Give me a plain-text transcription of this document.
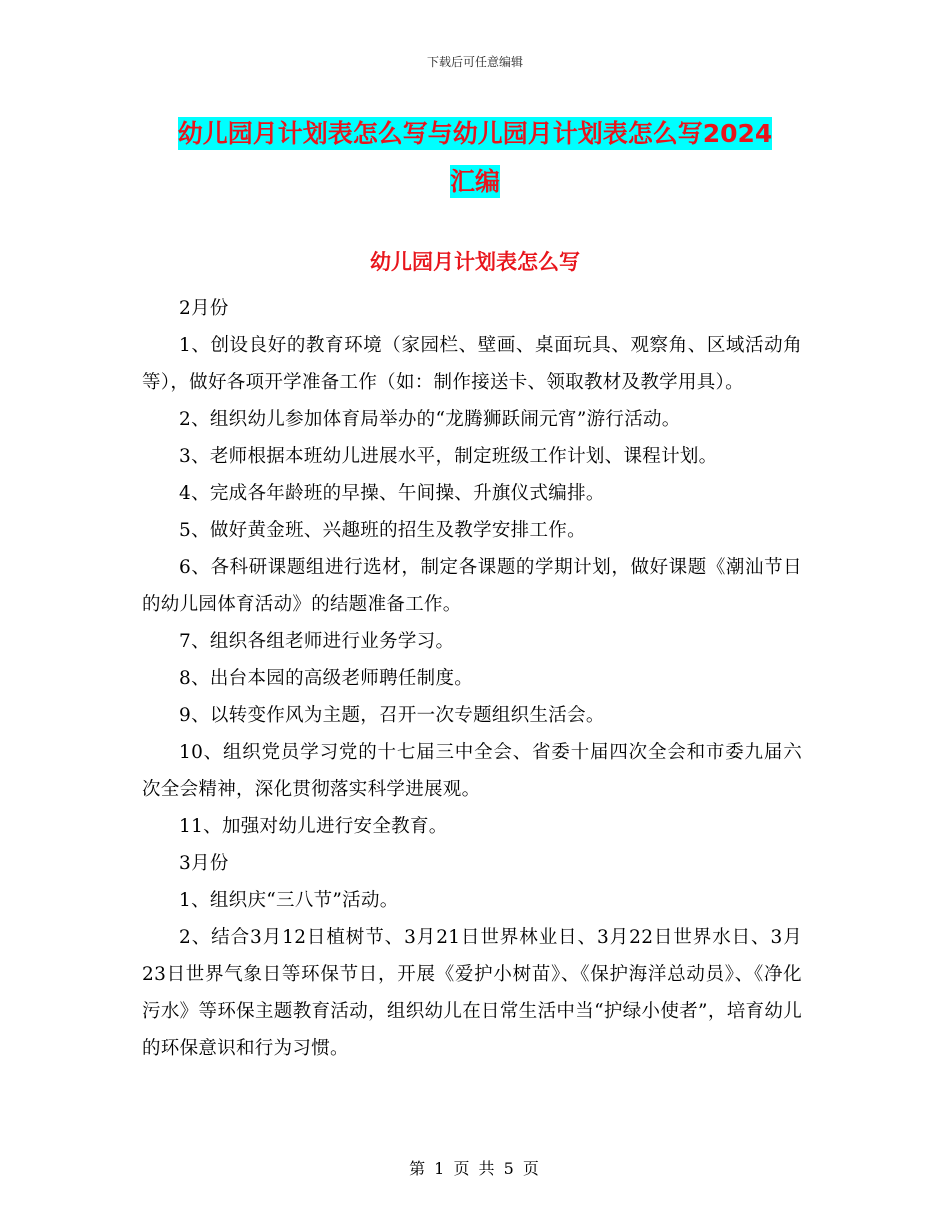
下载后可任意编辑
幼儿园月计划表怎么写与幼儿园月计划表怎么写2024
汇编
幼儿园月计划表怎么写

2月份

1、创设良好的教育环境（家园栏、壁画、桌面玩具、观察角、区域活动角等），做好各项开学准备工作（如：制作接送卡、领取教材及教学用具）。

2、组织幼儿参加体育局举办的“龙腾狮跃闹元宵”游行活动。

3、老师根据本班幼儿进展水平，制定班级工作计划、课程计划。

4、完成各年龄班的早操、午间操、升旗仪式编排。

5、做好黄金班、兴趣班的招生及教学安排工作。

6、各科研课题组进行选材，制定各课题的学期计划，做好课题《潮汕节日的幼儿园体育活动》的结题准备工作。

7、组织各组老师进行业务学习。

8、出台本园的高级老师聘任制度。

9、以转变作风为主题，召开一次专题组织生活会。

10、组织党员学习党的十七届三中全会、省委十届四次全会和市委九届六次全会精神，深化贯彻落实科学进展观。

11、加强对幼儿进行安全教育。

3月份

1、组织庆“三八节”活动。

2、结合3月12日植树节、3月21日世界林业日、3月22日世界水日、3月23日世界气象日等环保节日，开展《爱护小树苗》、《保护海洋总动员》、《净化污水》等环保主题教育活动，组织幼儿在日常生活中当“护绿小使者”，培育幼儿的环保意识和行为习惯。

第 1 页 共 5 页
